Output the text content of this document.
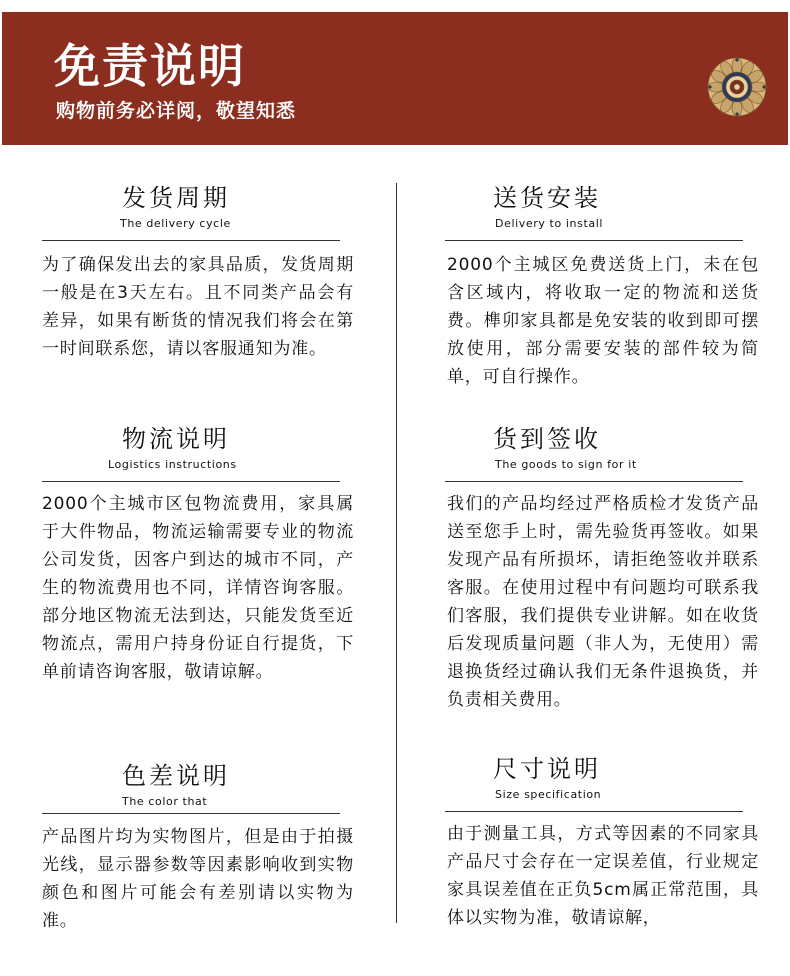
免责说明
购物前务必详阅，敬望知悉
发货周期
The delivery cycle
为了确保发出去的家具品质，发货周期一般是在3天左右。且不同类产品会有差异，如果有断货的情况我们将会在第一时间联系您，请以客服通知为准。
送货安装
Delivery to install
2000个主城区免费送货上门，未在包含区域内，将收取一定的物流和送货费。榫卯家具都是免安装的收到即可摆放使用，部分需要安装的部件较为简单，可自行操作。
物流说明
Logistics instructions
2000个主城市区包物流费用，家具属于大件物品，物流运输需要专业的物流公司发货，因客户到达的城市不同，产生的物流费用也不同，详情咨询客服。部分地区物流无法到达，只能发货至近物流点，需用户持身份证自行提货，下单前请咨询客服，敬请谅解。
货到签收
The goods to sign for it
我们的产品均经过严格质检才发货产品送至您手上时，需先验货再签收。如果发现产品有所损坏，请拒绝签收并联系客服。在使用过程中有问题均可联系我们客服，我们提供专业讲解。如在收货后发现质量问题（非人为，无使用）需退换货经过确认我们无条件退换货，并负责相关费用。
色差说明
The color that
产品图片均为实物图片，但是由于拍摄光线，显示器参数等因素影响收到实物颜色和图片可能会有差别请以实物为准。
尺寸说明
Size specification
由于测量工具，方式等因素的不同家具产品尺寸会存在一定误差值，行业规定家具误差值在正负5cm属正常范围，具体以实物为准，敬请谅解，
